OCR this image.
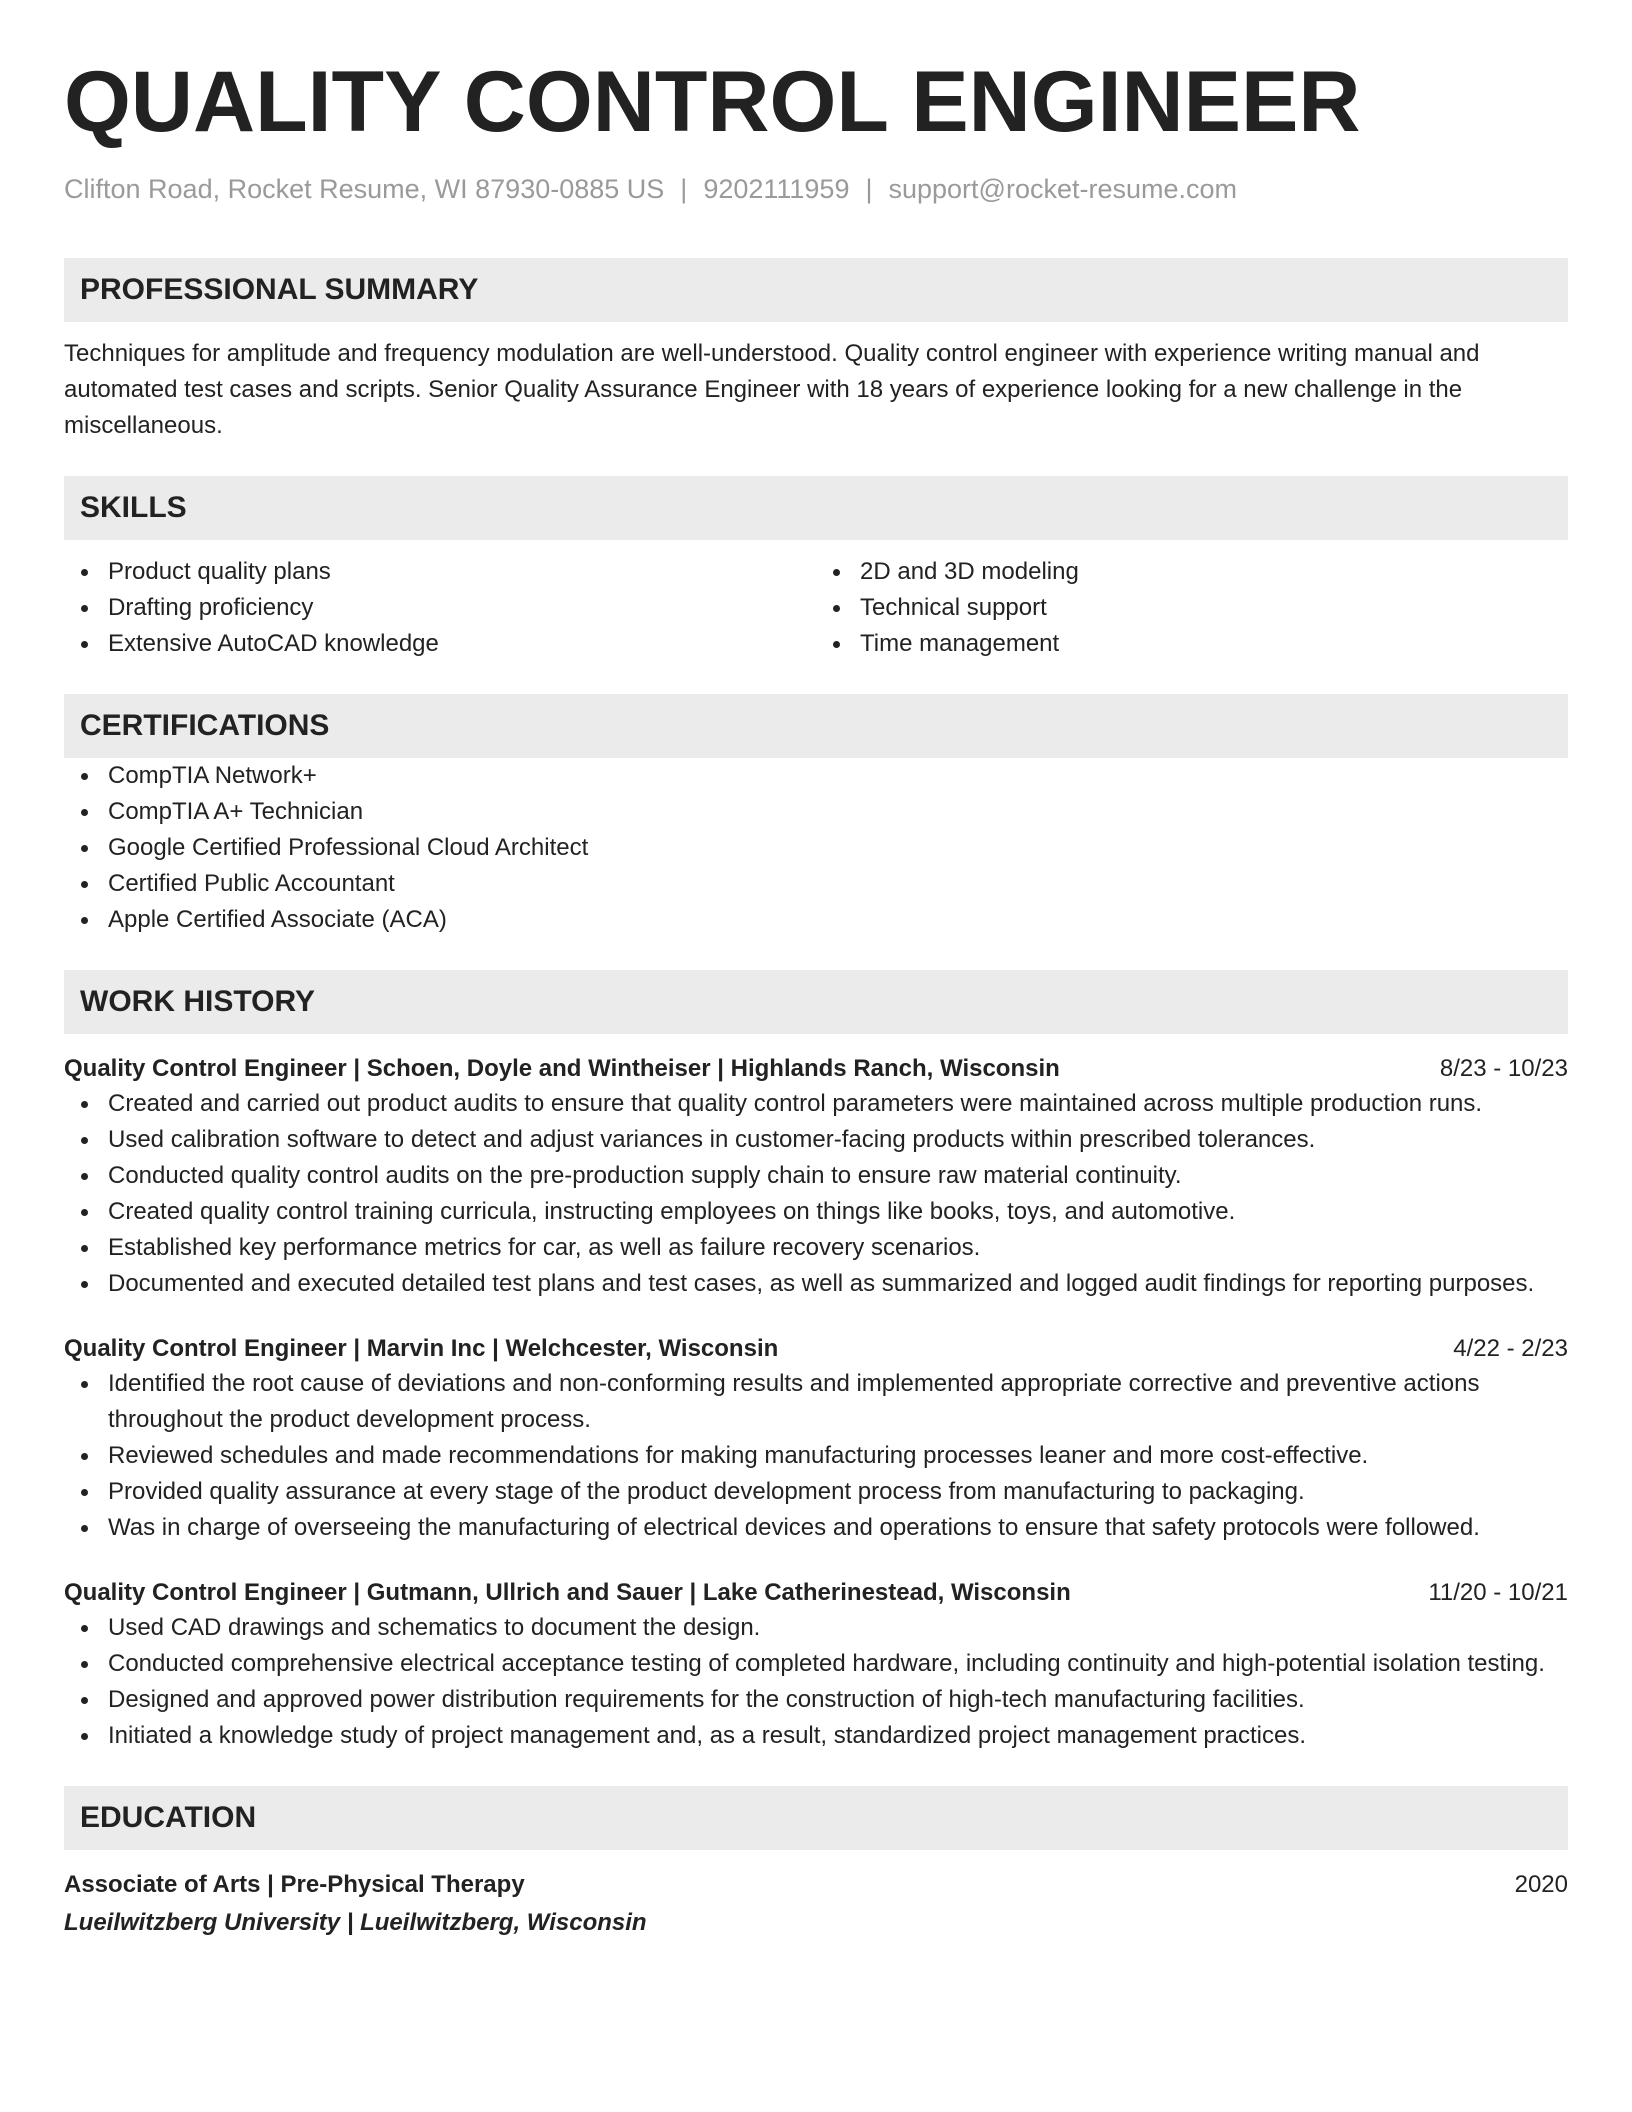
QUALITY CONTROL ENGINEER
Clifton Road, Rocket Resume, WI 87930-0885 US | 9202111959 | support@rocket-resume.com
PROFESSIONAL SUMMARY
Techniques for amplitude and frequency modulation are well-understood. Quality control engineer with experience writing manual and automated test cases and scripts. Senior Quality Assurance Engineer with 18 years of experience looking for a new challenge in the miscellaneous.
SKILLS
Product quality plans
Drafting proficiency
Extensive AutoCAD knowledge
2D and 3D modeling
Technical support
Time management
CERTIFICATIONS
CompTIA Network+
CompTIA A+ Technician
Google Certified Professional Cloud Architect
Certified Public Accountant
Apple Certified Associate (ACA)
WORK HISTORY
Quality Control Engineer | Schoen, Doyle and Wintheiser | Highlands Ranch, Wisconsin	8/23 - 10/23
Created and carried out product audits to ensure that quality control parameters were maintained across multiple production runs.
Used calibration software to detect and adjust variances in customer-facing products within prescribed tolerances.
Conducted quality control audits on the pre-production supply chain to ensure raw material continuity.
Created quality control training curricula, instructing employees on things like books, toys, and automotive.
Established key performance metrics for car, as well as failure recovery scenarios.
Documented and executed detailed test plans and test cases, as well as summarized and logged audit findings for reporting purposes.
Quality Control Engineer | Marvin Inc | Welchcester, Wisconsin	4/22 - 2/23
Identified the root cause of deviations and non-conforming results and implemented appropriate corrective and preventive actions throughout the product development process.
Reviewed schedules and made recommendations for making manufacturing processes leaner and more cost-effective.
Provided quality assurance at every stage of the product development process from manufacturing to packaging.
Was in charge of overseeing the manufacturing of electrical devices and operations to ensure that safety protocols were followed.
Quality Control Engineer | Gutmann, Ullrich and Sauer | Lake Catherinestead, Wisconsin	11/20 - 10/21
Used CAD drawings and schematics to document the design.
Conducted comprehensive electrical acceptance testing of completed hardware, including continuity and high-potential isolation testing.
Designed and approved power distribution requirements for the construction of high-tech manufacturing facilities.
Initiated a knowledge study of project management and, as a result, standardized project management practices.
EDUCATION
Associate of Arts | Pre-Physical Therapy	2020
Lueilwitzberg University | Lueilwitzberg, Wisconsin
